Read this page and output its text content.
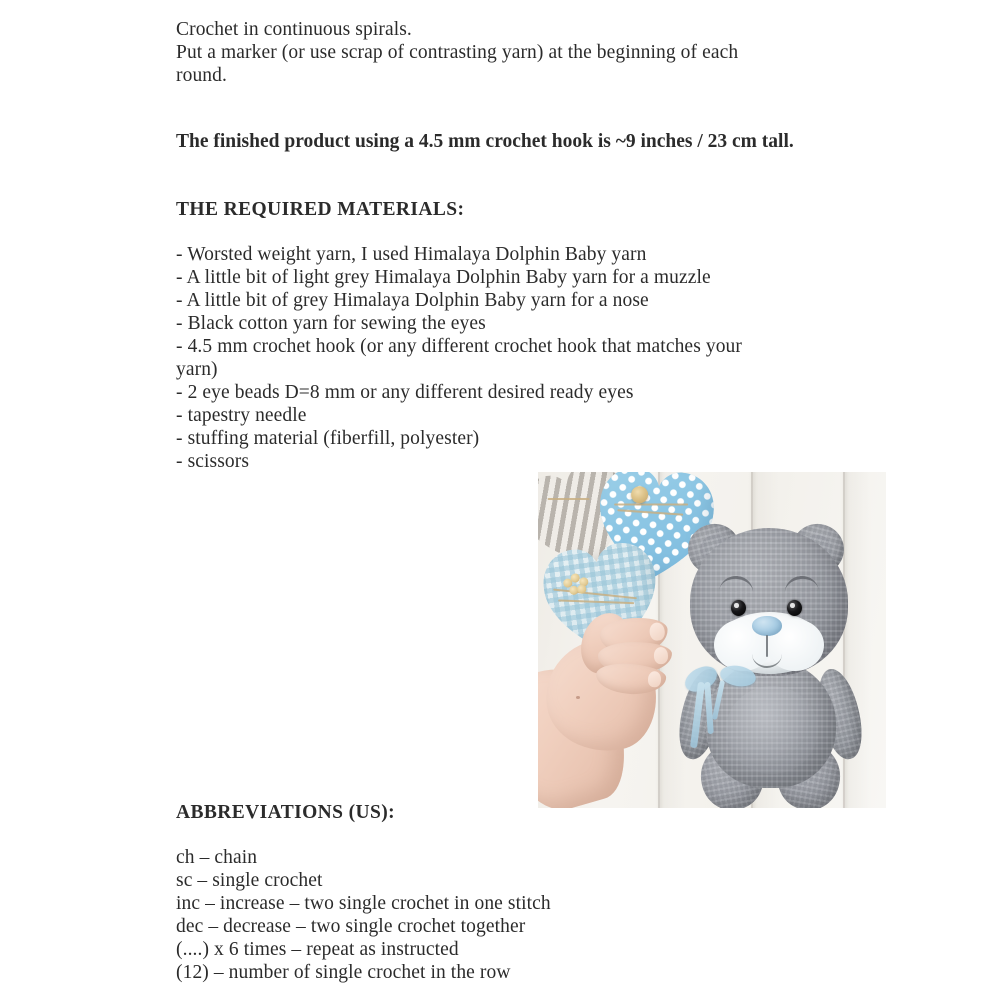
Crochet in continuous spirals.
Put a marker (or use scrap of contrasting yarn) at the beginning of each
round.
The finished product using a 4.5 mm crochet hook is ~9 inches / 23 cm tall.
THE REQUIRED MATERIALS:
- Worsted weight yarn, I used Himalaya Dolphin Baby yarn
- A little bit of light grey Himalaya Dolphin Baby yarn for a muzzle
- A little bit of grey Himalaya Dolphin Baby yarn for a nose
- Black cotton yarn for sewing the eyes
- 4.5 mm crochet hook (or any different crochet hook that matches your
yarn)
- 2 eye beads D=8 mm or any different desired ready eyes
- tapestry needle
- stuffing material (fiberfill, polyester)
- scissors
ABBREVIATIONS (US):
ch – chain
sc – single crochet
inc – increase – two single crochet in one stitch
dec – decrease – two single crochet together
(....) x 6 times – repeat as instructed
(12) – number of single crochet in the row
